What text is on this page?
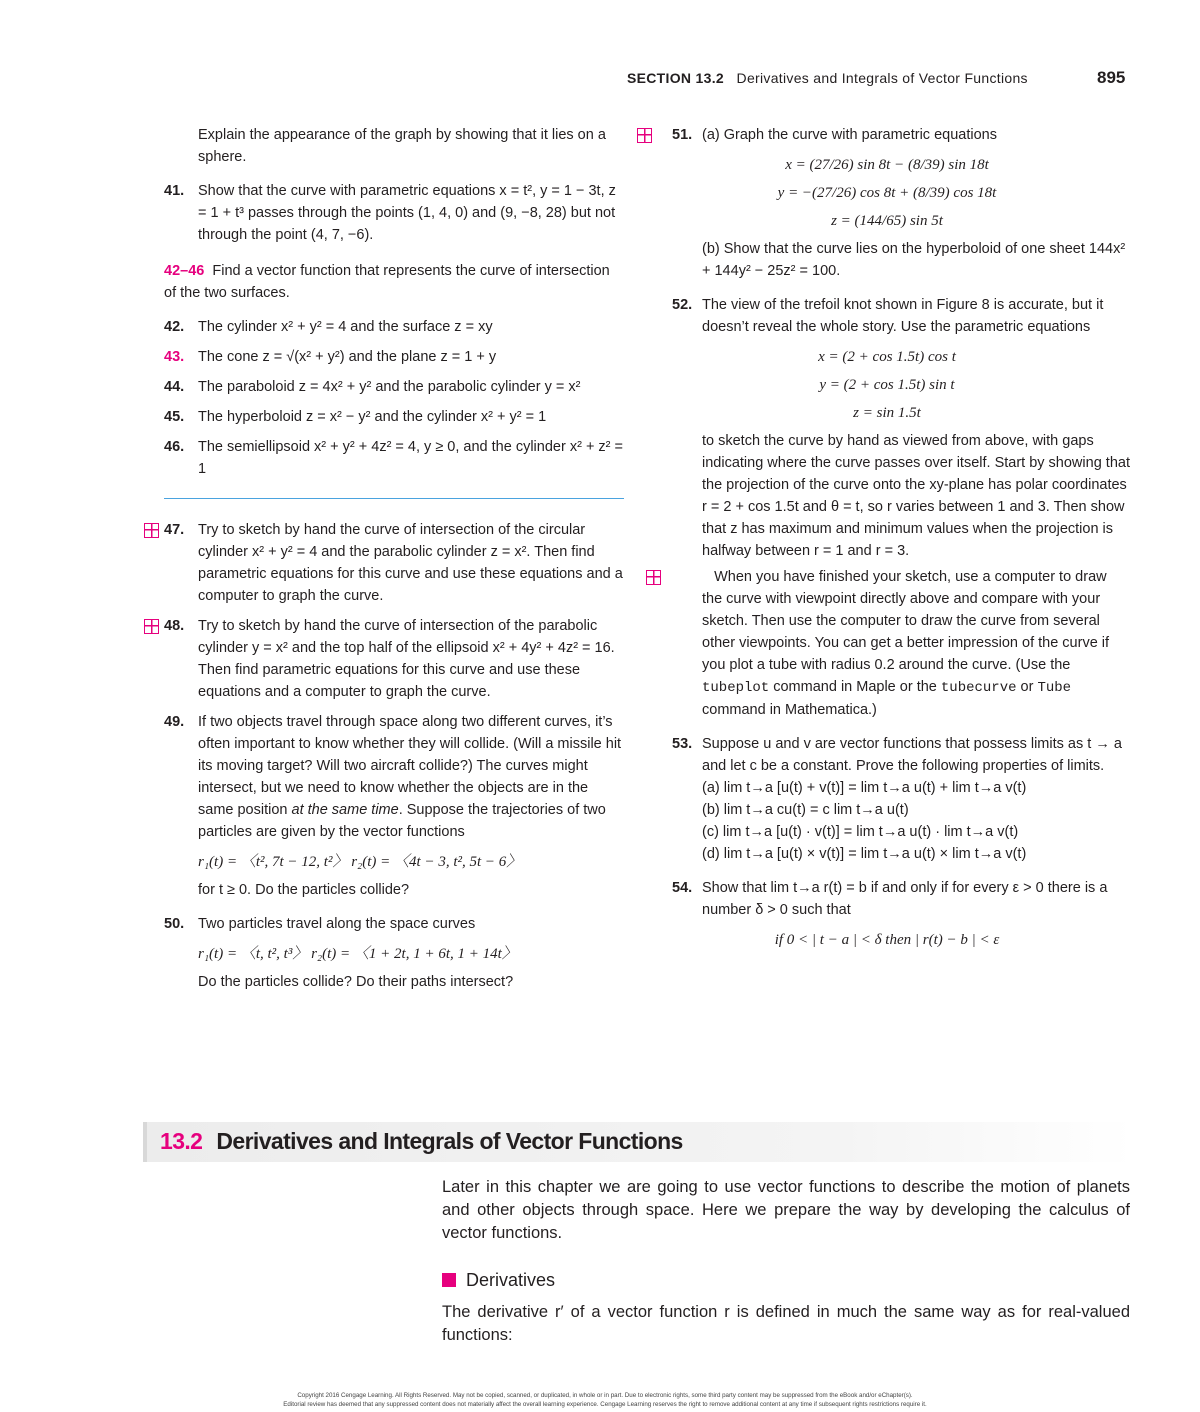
SECTION 13.2 Derivatives and Integrals of Vector Functions	895
Explain the appearance of the graph by showing that it lies on a sphere.
41. Show that the curve with parametric equations x = t², y = 1 − 3t, z = 1 + t³ passes through the points (1, 4, 0) and (9, −8, 28) but not through the point (4, 7, −6).
42–46 Find a vector function that represents the curve of intersection of the two surfaces.
42. The cylinder x² + y² = 4 and the surface z = xy
43. The cone z = √(x² + y²) and the plane z = 1 + y
44. The paraboloid z = 4x² + y² and the parabolic cylinder y = x²
45. The hyperboloid z = x² − y² and the cylinder x² + y² = 1
46. The semiellipsoid x² + y² + 4z² = 4, y ≥ 0, and the cylinder x² + z² = 1
47. Try to sketch by hand the curve of intersection of the circular cylinder x² + y² = 4 and the parabolic cylinder z = x². Then find parametric equations for this curve and use these equations and a computer to graph the curve.
48. Try to sketch by hand the curve of intersection of the parabolic cylinder y = x² and the top half of the ellipsoid x² + 4y² + 4z² = 16. Then find parametric equations for this curve and use these equations and a computer to graph the curve.
49. If two objects travel through space along two different curves, it’s often important to know whether they will collide. (Will a missile hit its moving target? Will two aircraft collide?) The curves might intersect, but we need to know whether the objects are in the same position at the same time. Suppose the trajectories of two particles are given by the vector functions
r₁(t) = 〈t², 7t − 12, t²〉 r₂(t) = 〈4t − 3, t², 5t − 6〉
for t ≥ 0. Do the particles collide?
50. Two particles travel along the space curves
r₁(t) = 〈t, t², t³〉 r₂(t) = 〈1 + 2t, 1 + 6t, 1 + 14t〉
Do the particles collide? Do their paths intersect?
51. (a) Graph the curve with parametric equations
x = (27/26) sin 8t − (8/39) sin 18t
y = −(27/26) cos 8t + (8/39) cos 18t
z = (144/65) sin 5t
(b) Show that the curve lies on the hyperboloid of one sheet 144x² + 144y² − 25z² = 100.
52. The view of the trefoil knot shown in Figure 8 is accurate, but it doesn’t reveal the whole story. Use the parametric equations
x = (2 + cos 1.5t) cos t
y = (2 + cos 1.5t) sin t
z = sin 1.5t
to sketch the curve by hand as viewed from above, with gaps indicating where the curve passes over itself. Start by showing that the projection of the curve onto the xy-plane has polar coordinates r = 2 + cos 1.5t and θ = t, so r varies between 1 and 3. Then show that z has maximum and minimum values when the projection is halfway between r = 1 and r = 3.
When you have finished your sketch, use a computer to draw the curve with viewpoint directly above and compare with your sketch. Then use the computer to draw the curve from several other viewpoints. You can get a better impression of the curve if you plot a tube with radius 0.2 around the curve. (Use the tubeplot command in Maple or the tubecurve or Tube command in Mathematica.)
53. Suppose u and v are vector functions that possess limits as t → a and let c be a constant. Prove the following properties of limits.
(a) lim t→a [u(t) + v(t)] = lim t→a u(t) + lim t→a v(t)
(b) lim t→a cu(t) = c lim t→a u(t)
(c) lim t→a [u(t) · v(t)] = lim t→a u(t) · lim t→a v(t)
(d) lim t→a [u(t) × v(t)] = lim t→a u(t) × lim t→a v(t)
54. Show that lim t→a r(t) = b if and only if for every ε > 0 there is a number δ > 0 such that
if 0 < | t − a | < δ then | r(t) − b | < ε
13.2 Derivatives and Integrals of Vector Functions
Later in this chapter we are going to use vector functions to describe the motion of planets and other objects through space. Here we prepare the way by developing the calculus of vector functions.
Derivatives
The derivative r′ of a vector function r is defined in much the same way as for real-valued functions:
Copyright 2016 Cengage Learning. All Rights Reserved. May not be copied, scanned, or duplicated, in whole or in part. Due to electronic rights, some third party content may be suppressed from the eBook and/or eChapter(s).
Editorial review has deemed that any suppressed content does not materially affect the overall learning experience. Cengage Learning reserves the right to remove additional content at any time if subsequent rights restrictions require it.
